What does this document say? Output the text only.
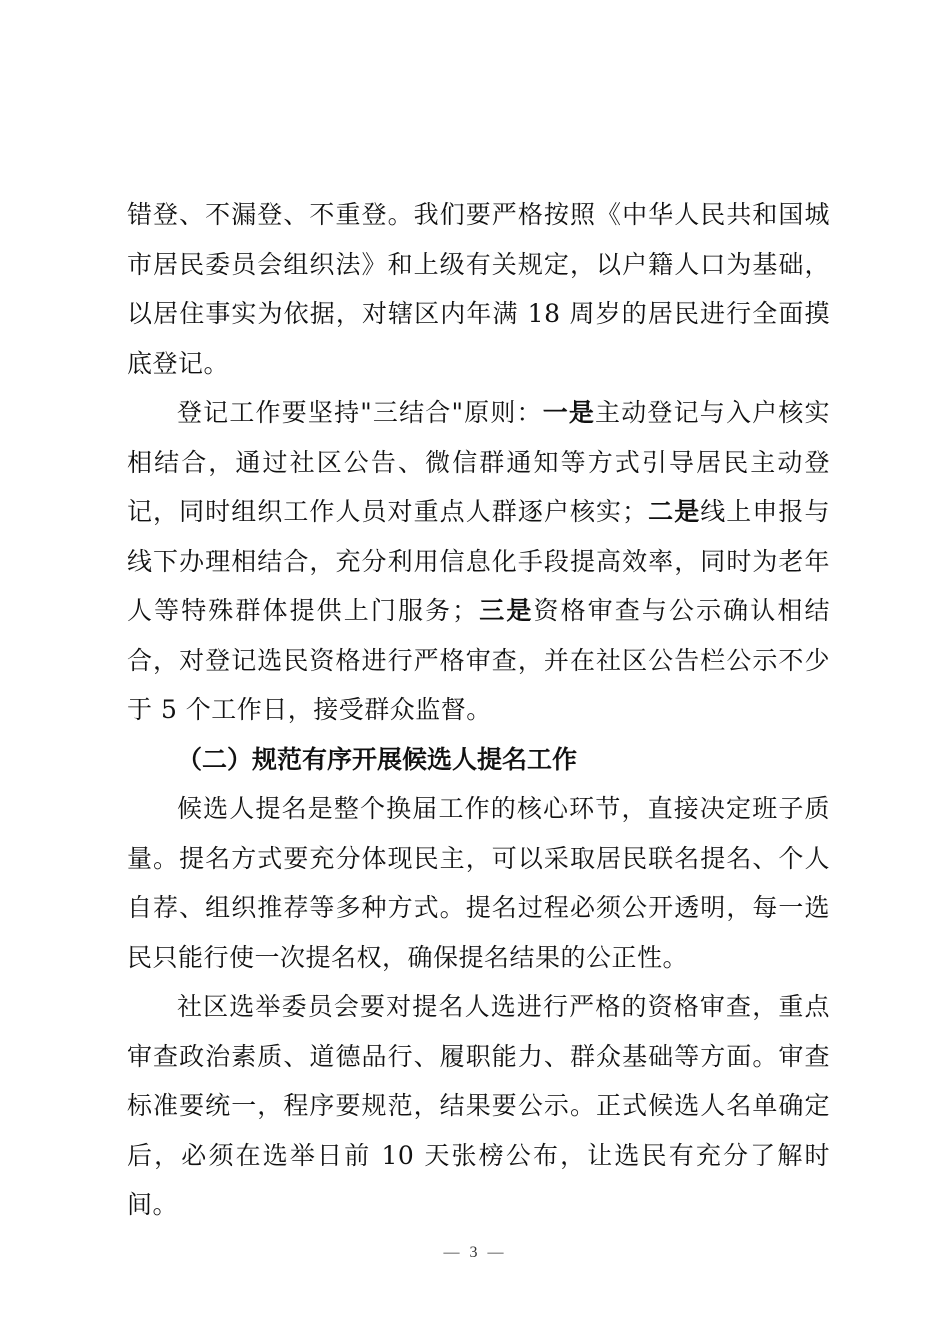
错登、不漏登、不重登。我们要严格按照《中华人民共和国城市居民委员会组织法》和上级有关规定，以户籍人口为基础，以居住事实为依据，对辖区内年满 18 周岁的居民进行全面摸底登记。

登记工作要坚持"三结合"原则：一是主动登记与入户核实相结合，通过社区公告、微信群通知等方式引导居民主动登记，同时组织工作人员对重点人群逐户核实；二是线上申报与线下办理相结合，充分利用信息化手段提高效率，同时为老年人等特殊群体提供上门服务；三是资格审查与公示确认相结合，对登记选民资格进行严格审查，并在社区公告栏公示不少于 5 个工作日，接受群众监督。

（二）规范有序开展候选人提名工作

候选人提名是整个换届工作的核心环节，直接决定班子质量。提名方式要充分体现民主，可以采取居民联名提名、个人自荐、组织推荐等多种方式。提名过程必须公开透明，每一选民只能行使一次提名权，确保提名结果的公正性。

社区选举委员会要对提名人选进行严格的资格审查，重点审查政治素质、道德品行、履职能力、群众基础等方面。审查标准要统一，程序要规范，结果要公示。正式候选人名单确定后，必须在选举日前 10 天张榜公布，让选民有充分了解时间。

— 3 —
